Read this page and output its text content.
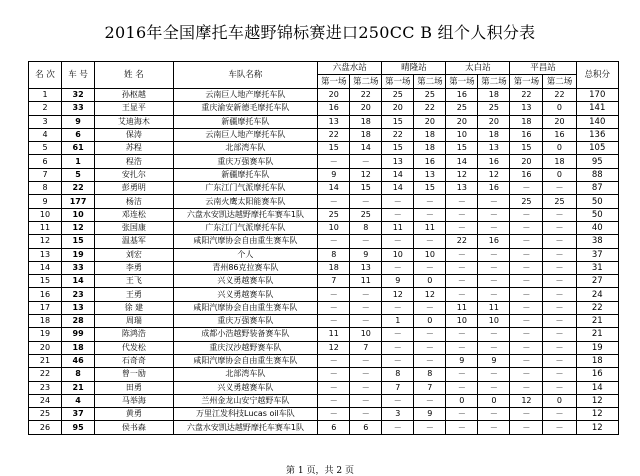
2016年全国摩托车越野锦标赛进口250CC B 组个人积分表
名 次	车 号	姓 名	车队名称	六盘水站		晴隆站		太白站		平昌站		总积分
				第一场	第二场	第一场	第二场	第一场	第二场	第一场	第二场	
1	32	孙枢越	云南巨人地产摩托车队	20	22	25	25	16	18	22	22	170
2	33	王显平	重庆渝安新德毛摩托车队	16	20	20	22	25	25	13	0	141
3	9	艾迪海木	新疆摩托车队	13	18	15	20	20	20	18	20	140
4	6	保涛	云南巨人地产摩托车队	22	18	22	18	10	18	16	16	136
5	61	苏程	北部湾车队	15	14	15	18	15	13	15	0	105
6	1	程浩	重庆万强赛车队	－	－	13	16	14	16	20	18	95
7	5	安扎尔	新疆摩托车队	9	12	14	13	12	12	16	0	88
8	22	彭勇明	广东江门气派摩托车队	14	15	14	15	13	16	－	－	87
9	177	杨洁	云南火鹰太阳能赛车队	－	－	－	－	－	－	25	25	50
10	10	邓连松	六盘水安凯达越野摩托车赛车1队	25	25	－	－	－	－	－	－	50
11	12	张国康	广东江门气派摩托车队	10	8	11	11	－	－	－	－	40
12	15	温基军	咸阳汽摩协会自由重生赛车队	－	－	－	－	22	16	－	－	38
13	19	刘宏	个人	8	9	10	10	－	－	－	－	37
14	33	李勇	青州86克拉赛车队	18	13	－	－	－	－	－	－	31
15	14	王飞	兴义勇越赛车队	7	11	9	0	－	－	－	－	27
16	23	王勇	兴义勇越赛车队	－	－	12	12	－	－	－	－	24
17	13	徐 建	咸阳汽摩协会自由重生赛车队	－	－	－	－	11	11	－	－	22
18	28	周瑞	重庆万强赛车队	－	－	1	0	10	10	－	－	21
19	99	陈鸿浩	成都小浩越野装备赛车队	11	10	－	－	－	－	－	－	21
20	18	代发松	重庆汉沙越野赛车队	12	7	－	－	－	－	－	－	19
21	46	石奇奇	咸阳汽摩协会自由重生赛车队	－	－	－	－	9	9	－	－	18
22	8	曾一励	北部湾车队	－	－	8	8	－	－	－	－	16
23	21	田勇	兴义勇越赛车队	－	－	7	7	－	－	－	－	14
24	4	马举海	兰州金龙山安宁越野车队	－	－	－	－	0	0	12	0	12
25	37	黄勇	万里江发科技Lucas oil车队	－	－	3	9	－	－	－	－	12
26	95	侯书森	六盘水安凯达越野摩托车赛车1队	6	6	－	－	－	－	－	－	12
第 1 页，共 2 页
